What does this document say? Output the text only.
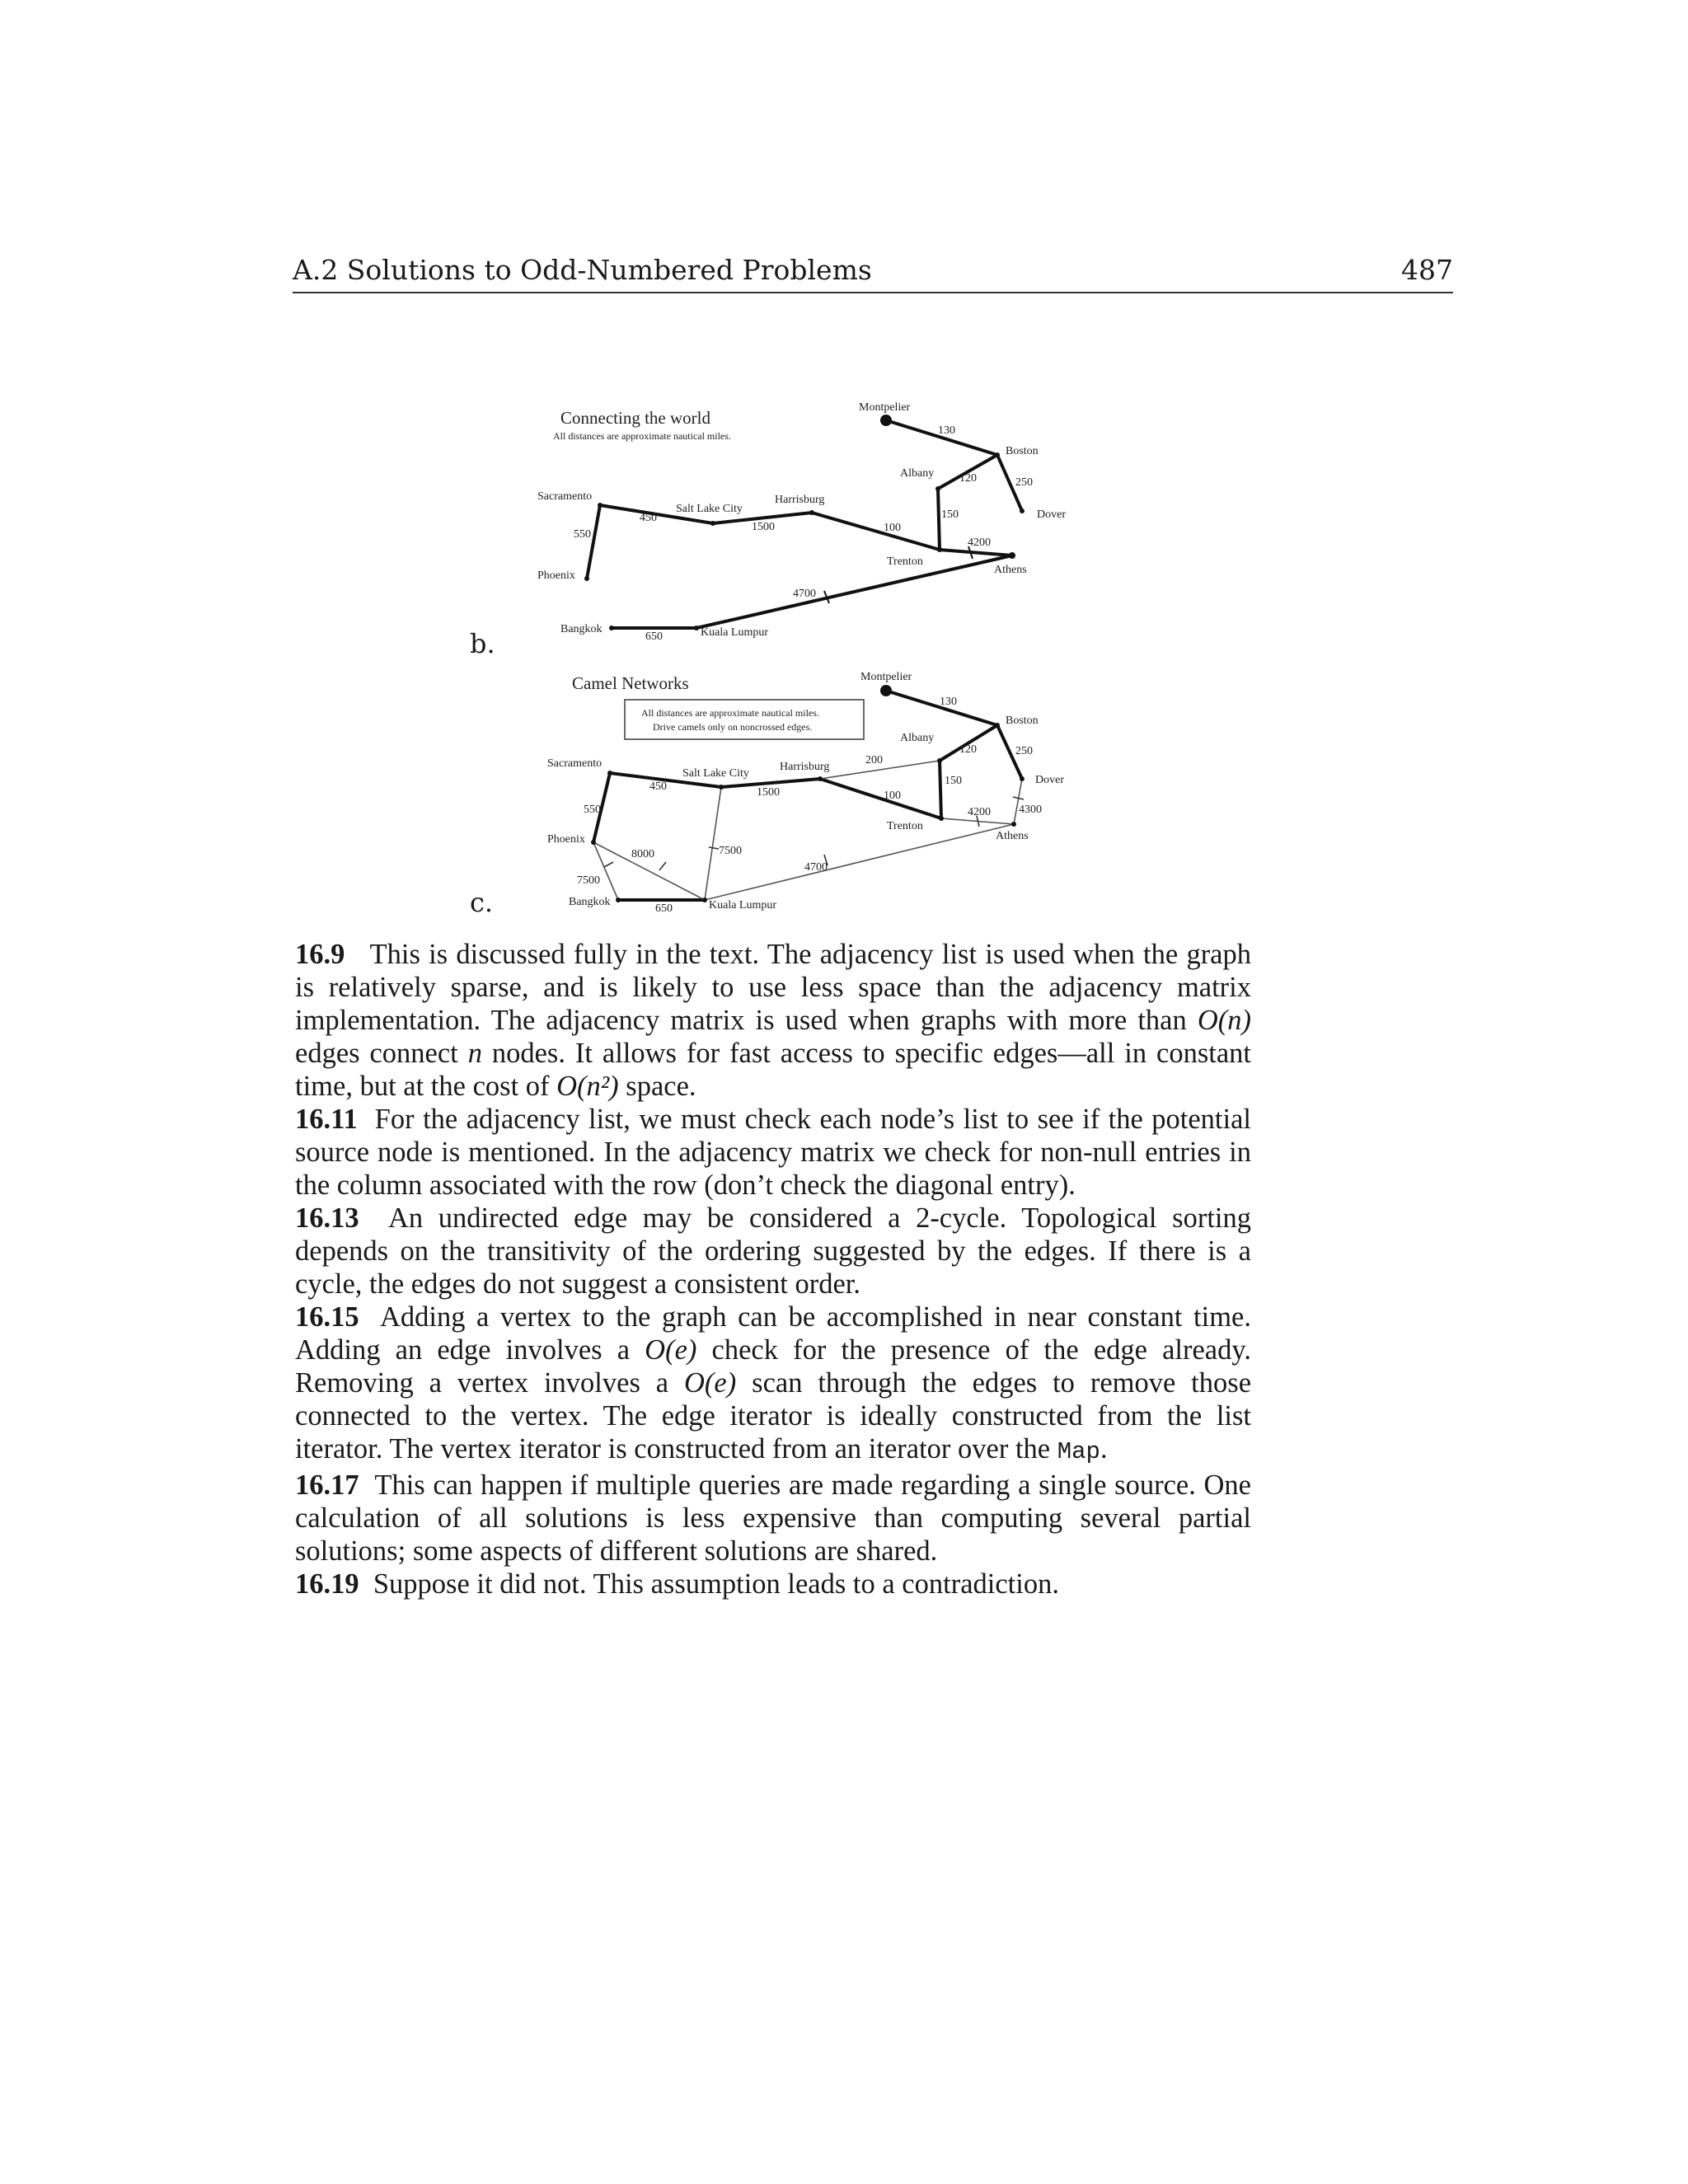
A.2 Solutions to Odd-Numbered Problems	487
b.
Connecting the world
All distances are approximate nautical miles.
Montpelier
Boston
Albany
Dover
Sacramento
Salt Lake City
Harrisburg
Phoenix
Trenton
Athens
Bangkok	Kuala Lumpur
130
120	250
150
4200
450
1500	100
550
4700
650
c.
Camel Networks
All distances are approximate nautical miles.
Drive camels only on noncrossed edges.
Montpelier
Boston
Albany
Dover
Sacramento
Salt Lake City
Harrisburg
Phoenix
Trenton
Athens
Bangkok	Kuala Lumpur
130
120	250
200
150
4200 4300
450	1500	100
550
8000	7500
7500
4700
650

16.9 This is discussed fully in the text. The adjacency list is used when the graph is relatively sparse, and is likely to use less space than the adjacency matrix implementation. The adjacency matrix is used when graphs with more than O(n) edges connect n nodes. It allows for fast access to specific edges—all in constant time, but at the cost of O(n²) space.

16.11 For the adjacency list, we must check each node’s list to see if the potential source node is mentioned. In the adjacency matrix we check for non-null entries in the column associated with the row (don’t check the diagonal entry).

16.13 An undirected edge may be considered a 2-cycle. Topological sorting depends on the transitivity of the ordering suggested by the edges. If there is a cycle, the edges do not suggest a consistent order.

16.15 Adding a vertex to the graph can be accomplished in near constant time. Adding an edge involves a O(e) check for the presence of the edge already. Removing a vertex involves a O(e) scan through the edges to remove those connected to the vertex. The edge iterator is ideally constructed from the list iterator. The vertex iterator is constructed from an iterator over the Map.

16.17 This can happen if multiple queries are made regarding a single source. One calculation of all solutions is less expensive than computing several partial solutions; some aspects of different solutions are shared.

16.19 Suppose it did not. This assumption leads to a contradiction.
